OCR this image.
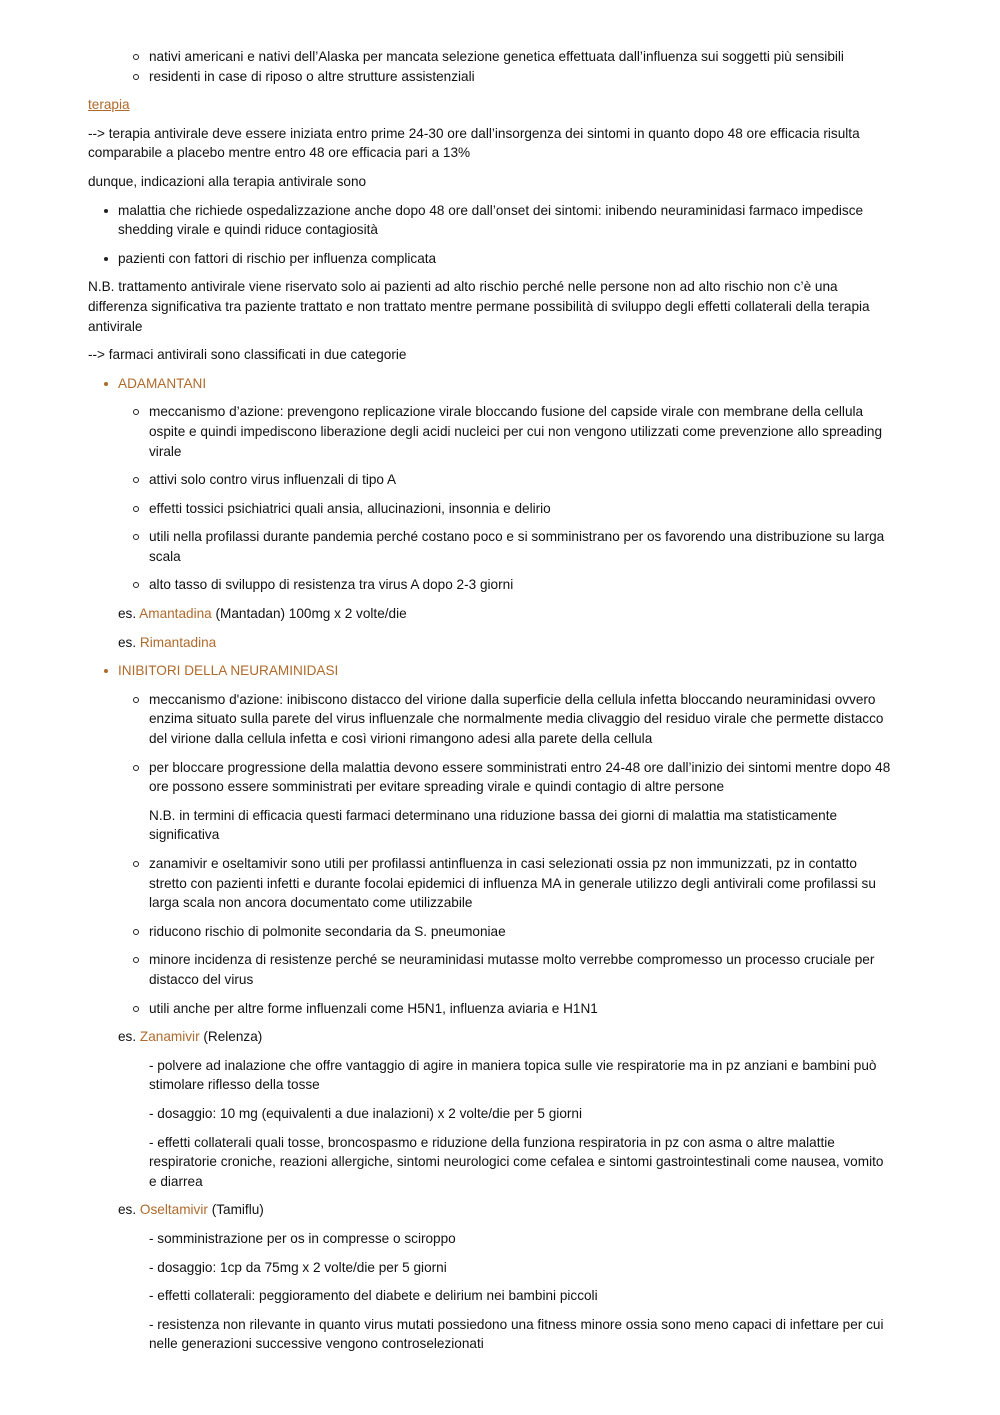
nativi americani e nativi dell’Alaska per mancata selezione genetica effettuata dall’influenza sui soggetti più sensibili
residenti in case di riposo o altre strutture assistenziali

terapia

--> terapia antivirale deve essere iniziata entro prime 24-30 ore dall’insorgenza dei sintomi in quanto dopo 48 ore efficacia risulta comparabile a placebo mentre entro 48 ore efficacia pari a 13%

dunque, indicazioni alla terapia antivirale sono

malattia che richiede ospedalizzazione anche dopo 48 ore dall’onset dei sintomi: inibendo neuraminidasi farmaco impedisce shedding virale e quindi riduce contagiosità
pazienti con fattori di rischio per influenza complicata

N.B. trattamento antivirale viene riservato solo ai pazienti ad alto rischio perché nelle persone non ad alto rischio non c’è una differenza significativa tra paziente trattato e non trattato mentre permane possibilità di sviluppo degli effetti collaterali della terapia antivirale

--> farmaci antivirali sono classificati in due categorie

ADAMANTANI
meccanismo d’azione: prevengono replicazione virale bloccando fusione del capside virale con membrane della cellula ospite e quindi impediscono liberazione degli acidi nucleici per cui non vengono utilizzati come prevenzione allo spreading virale
attivi solo contro virus influenzali di tipo A
effetti tossici psichiatrici quali ansia, allucinazioni, insonnia e delirio
utili nella profilassi durante pandemia perché costano poco e si somministrano per os favorendo una distribuzione su larga scala
alto tasso di sviluppo di resistenza tra virus A dopo 2-3 giorni

es. Amantadina (Mantadan) 100mg x 2 volte/die

es. Rimantadina

INIBITORI DELLA NEURAMINIDASI
meccanismo d'azione: inibiscono distacco del virione dalla superficie della cellula infetta bloccando neuraminidasi ovvero enzima situato sulla parete del virus influenzale che normalmente media clivaggio del residuo virale che permette distacco del virione dalla cellula infetta e così virioni rimangono adesi alla parete della cellula
per bloccare progressione della malattia devono essere somministrati entro 24-48 ore dall’inizio dei sintomi mentre dopo 48 ore possono essere somministrati per evitare spreading virale e quindi contagio di altre persone

N.B. in termini di efficacia questi farmaci determinano una riduzione bassa dei giorni di malattia ma statisticamente significativa

zanamivir e oseltamivir sono utili per profilassi antinfluenza in casi selezionati ossia pz non immunizzati, pz in contatto stretto con pazienti infetti e durante focolai epidemici di influenza MA in generale utilizzo degli antivirali come profilassi su larga scala non ancora documentato come utilizzabile
riducono rischio di polmonite secondaria da S. pneumoniae
minore incidenza di resistenze perché se neuraminidasi mutasse molto verrebbe compromesso un processo cruciale per distacco del virus
utili anche per altre forme influenzali come H5N1, influenza aviaria e H1N1

es. Zanamivir (Relenza)

- polvere ad inalazione che offre vantaggio di agire in maniera topica sulle vie respiratorie ma in pz anziani e bambini può stimolare riflesso della tosse

- dosaggio: 10 mg (equivalenti a due inalazioni) x 2 volte/die per 5 giorni

- effetti collaterali quali tosse, broncospasmo e riduzione della funziona respiratoria in pz con asma o altre malattie respiratorie croniche, reazioni allergiche, sintomi neurologici come cefalea e sintomi gastrointestinali come nausea, vomito e diarrea

es. Oseltamivir (Tamiflu)

- somministrazione per os in compresse o sciroppo

- dosaggio: 1cp da 75mg x 2 volte/die per 5 giorni

- effetti collaterali: peggioramento del diabete e delirium nei bambini piccoli

- resistenza non rilevante in quanto virus mutati possiedono una fitness minore ossia sono meno capaci di infettare per cui nelle generazioni successive vengono controselezionati
